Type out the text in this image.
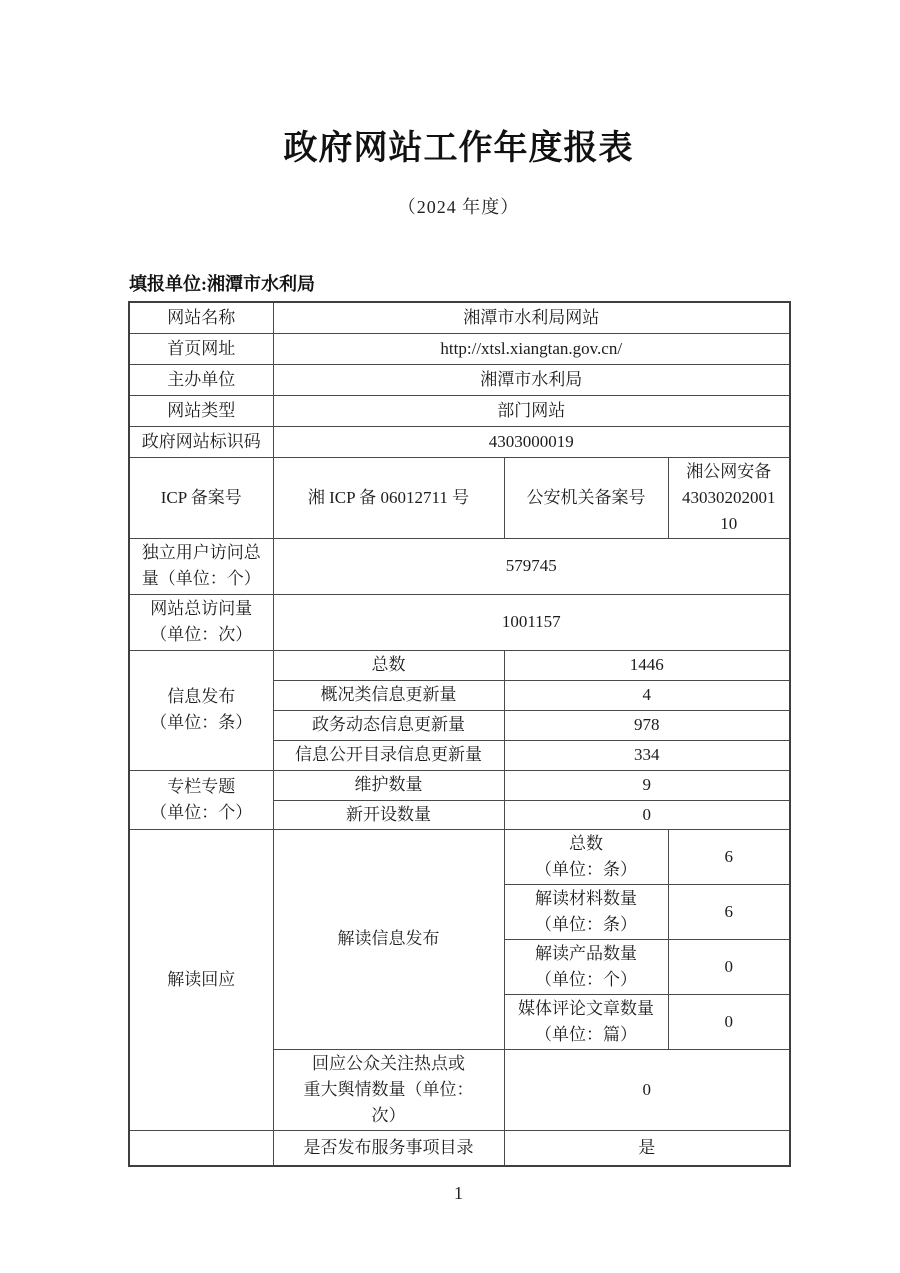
政府网站工作年度报表
（2024 年度）
填报单位:湘潭市水利局
网站名称	湘潭市水利局网站		
首页网址	http://xtsl.xiangtan.gov.cn/		
主办单位	湘潭市水利局		
网站类型	部门网站		
政府网站标识码	4303000019		
ICP 备案号	湘 ICP 备 06012711 号	公安机关备案号	湘公网安备
43030202001
10

独立用户访问总
量（单位：个）	579745		

网站总访问量
（单位：次）	1001157		

信息发布
（单位：条）	总数	1446	
	概况类信息更新量	4	
	政务动态信息更新量	978	
	信息公开目录信息更新量	334	

专栏专题
（单位：个）	维护数量	9	
	新开设数量	0	
解读回应	解读信息发布	总数
（单位：条）	6

		解读材料数量
（单位：条）	6

		解读产品数量
（单位：个）	0

		媒体评论文章数量
（单位：篇）	0

	回应公众关注热点或
重大舆情数量（单位：
次）	0	
	是否发布服务事项目录	是	
1
